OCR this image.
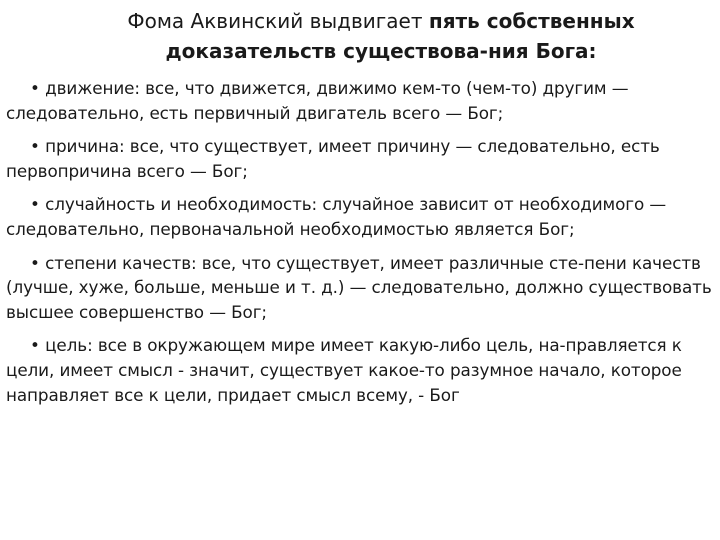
Фома Аквинский выдвигает пять собственных доказательств существова-ния Бога:
• движение: все, что движется, движимо кем-то (чем-то) другим — следовательно, есть первичный двигатель всего — Бог;
• причина: все, что существует, имеет причину — следовательно, есть первопричина всего — Бог;
• случайность и необходимость: случайное зависит от необходимого — следовательно, первоначальной необходимостью является Бог;
• степени качеств: все, что существует, имеет различные сте-пени качеств (лучше, хуже, больше, меньше и т. д.) — следовательно, должно существовать высшее совершенство — Бог;
• цель: все в окружающем мире имеет какую-либо цель, на-правляется к цели, имеет смысл - значит, существует какое-то разумное начало, которое направляет все к цели, придает смысл всему, - Бог
